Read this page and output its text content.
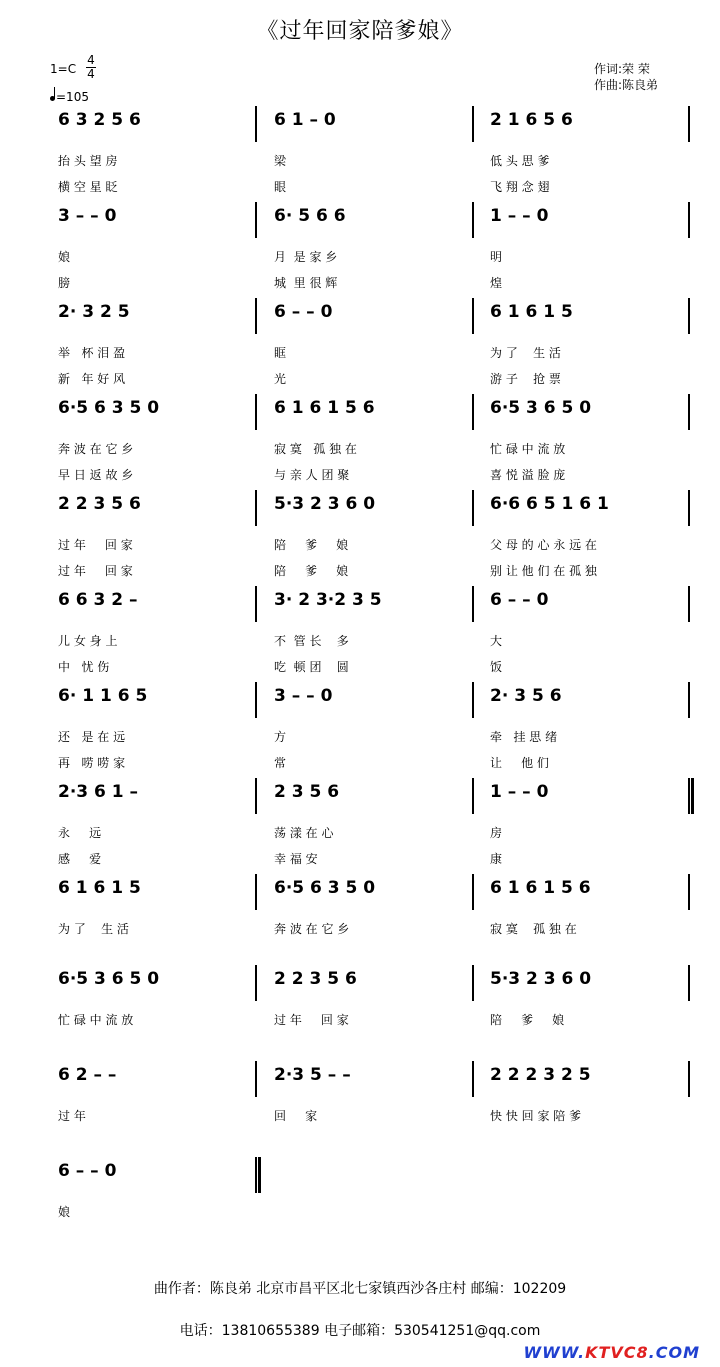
《过年回家陪爹娘》
1=C
4
4
=105
作词:荣 荣
作曲:陈良弟
6 3 2 5 6
抬 头 望 房
横 空 星 眨
6 1 – 0
梁
眼
2 1 6 5 6
低 头 思 爹
飞 翔 念 翅
3 – – 0
娘
膀
6· 5 6 6
月  是 家 乡
城  里 很 辉
1 – – 0
明
煌
2· 3 2 5
举   杯 泪 盈
新   年 好 风
6 – – 0
眶
光
6 1 6 1 5
为 了    生 活
游 子    抢 票
6·5 6 3 5 0
奔 波 在 它 乡
早 日 返 故 乡
6 1 6 1 5 6
寂 寞   孤 独 在
与 亲 人 团 聚
6·5 3 6 5 0
忙 碌 中 流 放
喜 悦 溢 脸 庞
2 2 3 5 6
过 年     回 家
过 年     回 家
5·3 2 3 6 0
陪     爹     娘
陪     爹     娘
6·6 6 5 1 6 1
父 母 的 心 永 远 在
别 让 他 们 在 孤 独
6 6 3 2 –
儿 女 身 上
中   忧 伤
3· 2 3·2 3 5
不  管 长    多
吃  顿 团    圆
6 – – 0
大
饭
6· 1 1 6 5
还   是 在 远
再   唠 唠 家
3 – – 0
方
常
2· 3 5 6
牵   挂 思 绪
让     他 们
2·3 6 1 –
永     远
感     爱
2 3 5 6
荡 漾 在 心
幸 福 安
1 – – 0
房
康
6 1 6 1 5
为 了    生 活
6·5 6 3 5 0
奔 波 在 它 乡
6 1 6 1 5 6
寂 寞    孤 独 在
6·5 3 6 5 0
忙 碌 中 流 放
2 2 3 5 6
过 年     回 家
5·3 2 3 6 0
陪     爹     娘
6 2 – –
过 年
2·3 5 – –
回     家
2 2 2 3 2 5
快 快 回 家 陪 爹
6 – – 0
娘
曲作者：陈良弟 北京市昌平区北七家镇西沙各庄村 邮编：102209
电话：13810655389 电子邮箱：530541251@qq.com
WWW.KTVC8.COM
